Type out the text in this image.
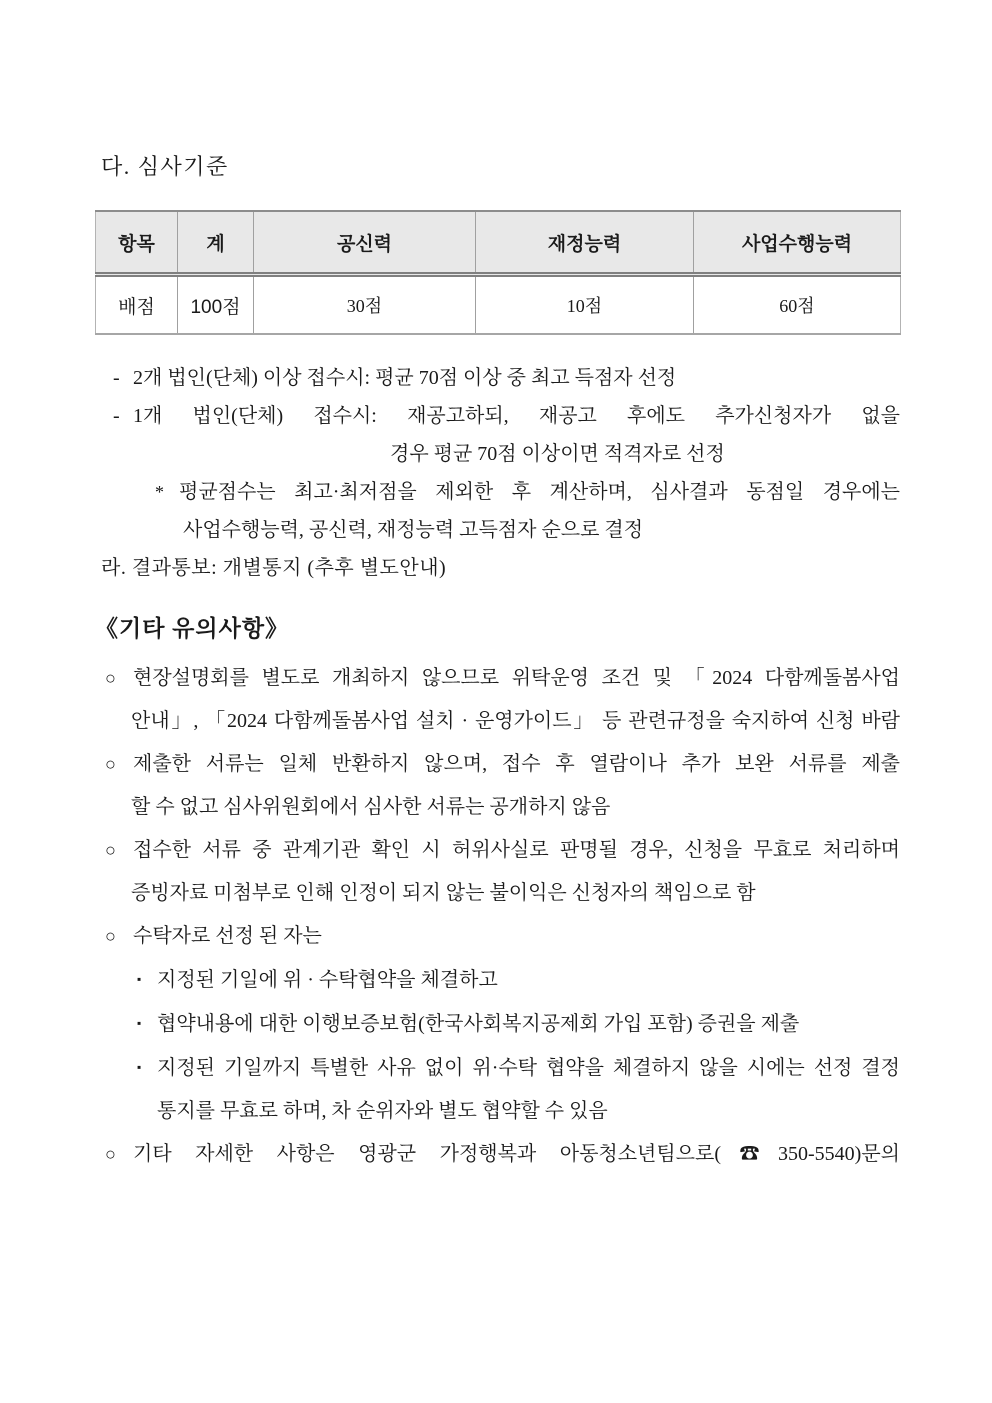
다. 심사기준
항목	계	공신력	재정능력	사업수행능력
배점	100점	30점	10점	60점
- 2개 법인(단체) 이상 접수시: 평균 70점 이상 중 최고 득점자 선정
- 1개 법인(단체) 접수시: 재공고하되, 재공고 후에도 추가신청자가 없을
경우 평균 70점 이상이면 적격자로 선정
* 평균점수는 최고·최저점을 제외한 후 계산하며, 심사결과 동점일 경우에는
사업수행능력, 공신력, 재정능력 고득점자 순으로 결정
라. 결과통보: 개별통지 (추후 별도안내)
《기타 유의사항》
○ 현장설명회를 별도로 개최하지 않으므로 위탁운영 조건 및 「2024 다함께돌봄사업
안내」, 「2024 다함께돌봄사업 설치 · 운영가이드」 등 관련규정을 숙지하여 신청 바람
○ 제출한 서류는 일체 반환하지 않으며, 접수 후 열람이나 추가 보완 서류를 제출
할 수 없고 심사위원회에서 심사한 서류는 공개하지 않음
○ 접수한 서류 중 관계기관 확인 시 허위사실로 판명될 경우, 신청을 무효로 처리하며
증빙자료 미첨부로 인해 인정이 되지 않는 불이익은 신청자의 책임으로 함
○ 수탁자로 선정 된 자는
▪ 지정된 기일에 위 · 수탁협약을 체결하고
▪ 협약내용에 대한 이행보증보험(한국사회복지공제회 가입 포함) 증권을 제출
▪ 지정된 기일까지 특별한 사유 없이 위·수탁 협약을 체결하지 않을 시에는 선정 결정
통지를 무효로 하며, 차 순위자와 별도 협약할 수 있음
○ 기타 자세한 사항은 영광군 가정행복과 아동청소년팀으로(☎350-5540)문의
